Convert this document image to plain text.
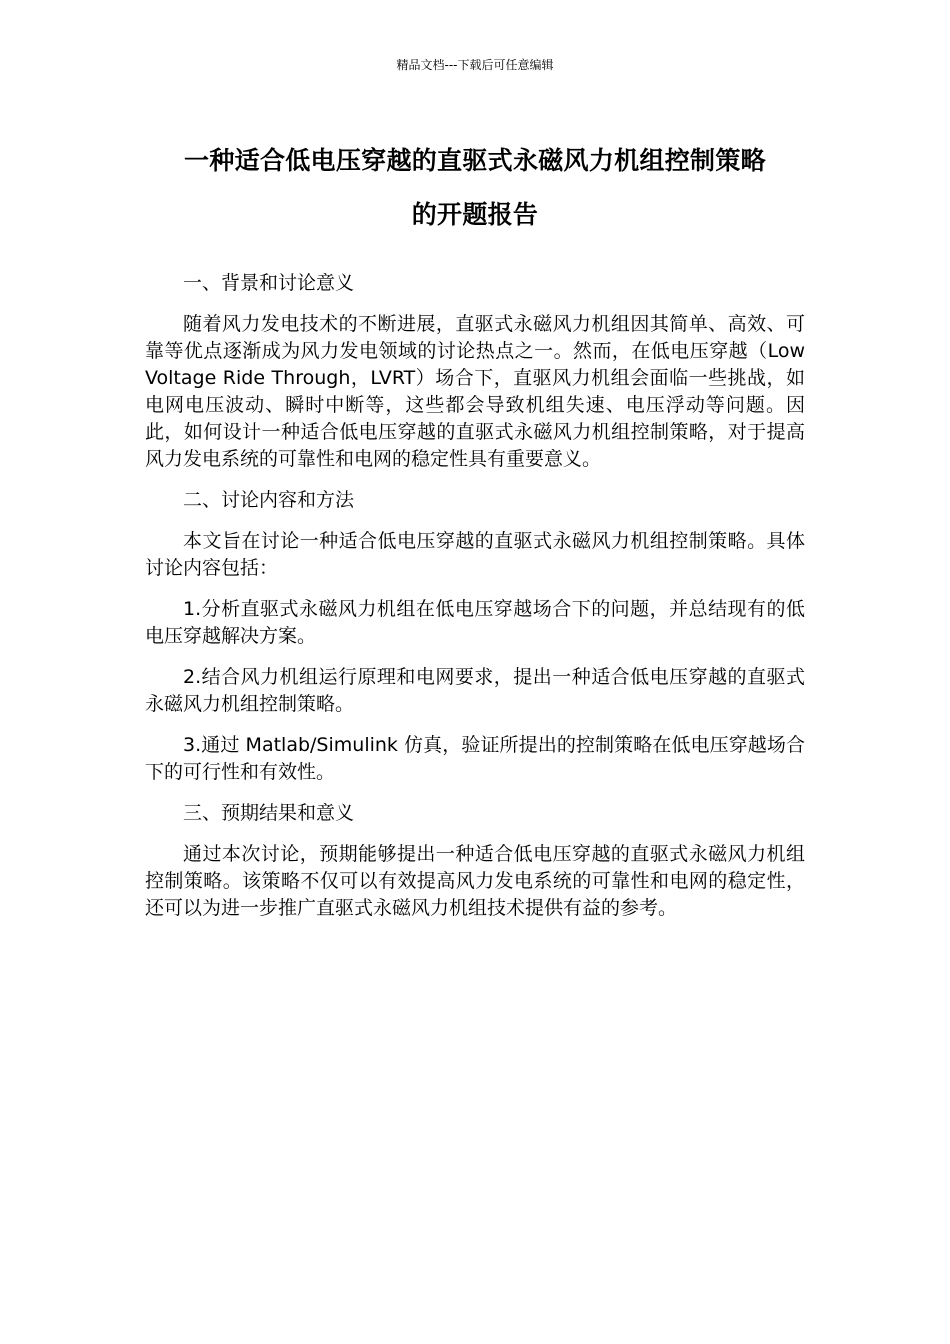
精品文档---下载后可任意编辑
一种适合低电压穿越的直驱式永磁风力机组控制策略
的开题报告

一、背景和讨论意义

随着风力发电技术的不断进展，直驱式永磁风力机组因其简单、高效、可靠等优点逐渐成为风力发电领域的讨论热点之一。然而，在低电压穿越（Low Voltage Ride Through，LVRT）场合下，直驱风力机组会面临一些挑战，如电网电压波动、瞬时中断等，这些都会导致机组失速、电压浮动等问题。因此，如何设计一种适合低电压穿越的直驱式永磁风力机组控制策略，对于提高风力发电系统的可靠性和电网的稳定性具有重要意义。

二、讨论内容和方法

本文旨在讨论一种适合低电压穿越的直驱式永磁风力机组控制策略。具体讨论内容包括：

1.分析直驱式永磁风力机组在低电压穿越场合下的问题，并总结现有的低电压穿越解决方案。

2.结合风力机组运行原理和电网要求，提出一种适合低电压穿越的直驱式永磁风力机组控制策略。

3.通过 Matlab/Simulink 仿真，验证所提出的控制策略在低电压穿越场合下的可行性和有效性。

三、预期结果和意义

通过本次讨论，预期能够提出一种适合低电压穿越的直驱式永磁风力机组控制策略。该策略不仅可以有效提高风力发电系统的可靠性和电网的稳定性，还可以为进一步推广直驱式永磁风力机组技术提供有益的参考。
